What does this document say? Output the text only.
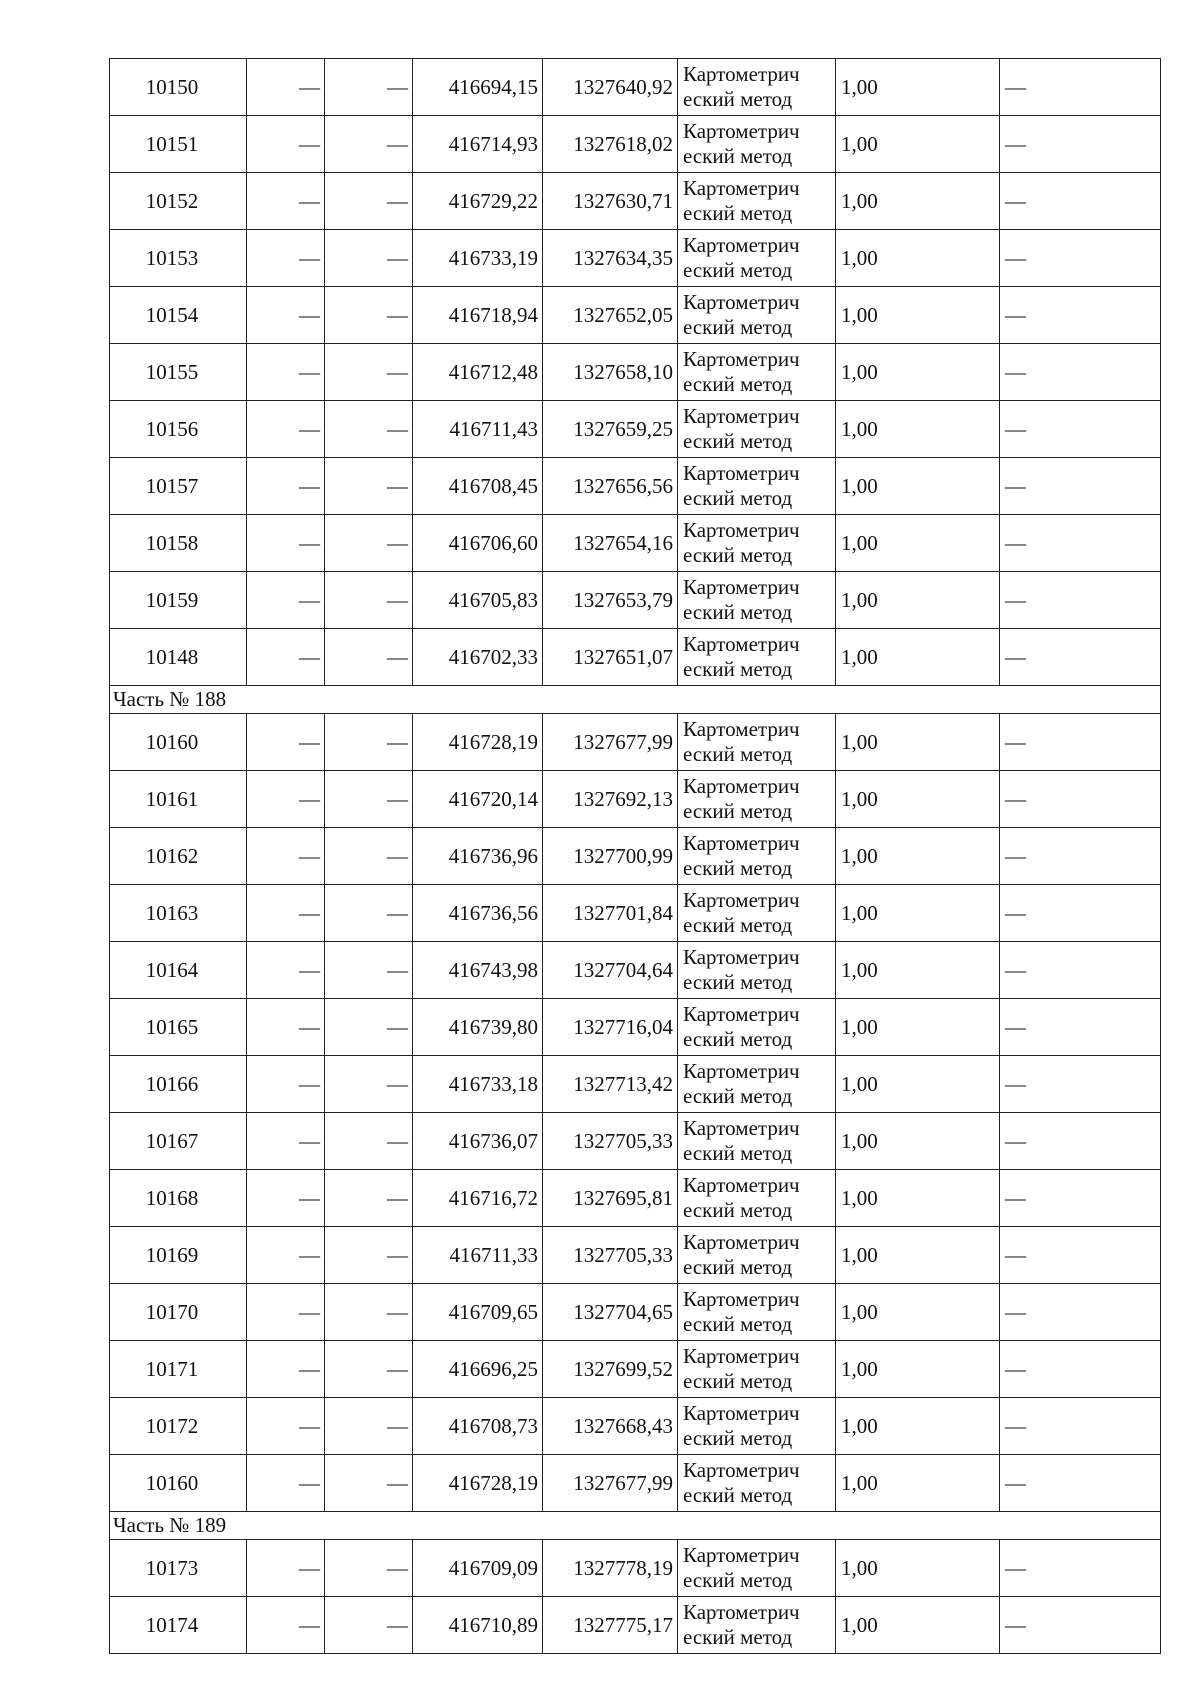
10150	—	—	416694,15	1327640,92	Картометрич
еский метод	1,00	—
10151	—	—	416714,93	1327618,02	Картометрич
еский метод	1,00	—
10152	—	—	416729,22	1327630,71	Картометрич
еский метод	1,00	—
10153	—	—	416733,19	1327634,35	Картометрич
еский метод	1,00	—
10154	—	—	416718,94	1327652,05	Картометрич
еский метод	1,00	—
10155	—	—	416712,48	1327658,10	Картометрич
еский метод	1,00	—
10156	—	—	416711,43	1327659,25	Картометрич
еский метод	1,00	—
10157	—	—	416708,45	1327656,56	Картометрич
еский метод	1,00	—
10158	—	—	416706,60	1327654,16	Картометрич
еский метод	1,00	—
10159	—	—	416705,83	1327653,79	Картометрич
еский метод	1,00	—
10148	—	—	416702,33	1327651,07	Картометрич
еский метод	1,00	—
Часть № 188							
10160	—	—	416728,19	1327677,99	Картометрич
еский метод	1,00	—
10161	—	—	416720,14	1327692,13	Картометрич
еский метод	1,00	—
10162	—	—	416736,96	1327700,99	Картометрич
еский метод	1,00	—
10163	—	—	416736,56	1327701,84	Картометрич
еский метод	1,00	—
10164	—	—	416743,98	1327704,64	Картометрич
еский метод	1,00	—
10165	—	—	416739,80	1327716,04	Картометрич
еский метод	1,00	—
10166	—	—	416733,18	1327713,42	Картометрич
еский метод	1,00	—
10167	—	—	416736,07	1327705,33	Картометрич
еский метод	1,00	—
10168	—	—	416716,72	1327695,81	Картометрич
еский метод	1,00	—
10169	—	—	416711,33	1327705,33	Картометрич
еский метод	1,00	—
10170	—	—	416709,65	1327704,65	Картометрич
еский метод	1,00	—
10171	—	—	416696,25	1327699,52	Картометрич
еский метод	1,00	—
10172	—	—	416708,73	1327668,43	Картометрич
еский метод	1,00	—
10160	—	—	416728,19	1327677,99	Картометрич
еский метод	1,00	—
Часть № 189							
10173	—	—	416709,09	1327778,19	Картометрич
еский метод	1,00	—
10174	—	—	416710,89	1327775,17	Картометрич
еский метод	1,00	—
